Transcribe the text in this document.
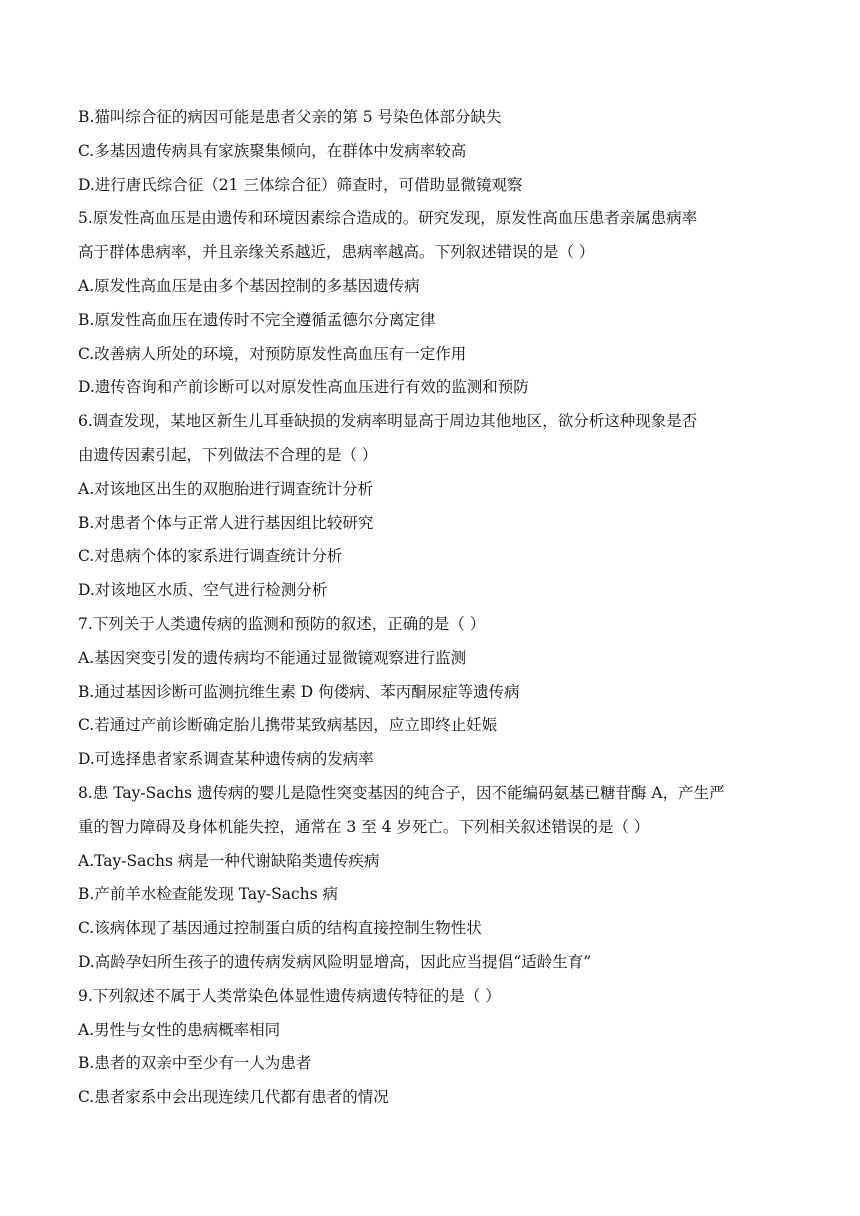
B.猫叫综合征的病因可能是患者父亲的第 5 号染色体部分缺失
C.多基因遗传病具有家族聚集倾向，在群体中发病率较高
D.进行唐氏综合征（21 三体综合征）筛查时，可借助显微镜观察
5.原发性高血压是由遗传和环境因素综合造成的。研究发现，原发性高血压患者亲属患病率
高于群体患病率，并且亲缘关系越近，患病率越高。下列叙述错误的是（ ）
A.原发性高血压是由多个基因控制的多基因遗传病
B.原发性高血压在遗传时不完全遵循孟德尔分离定律
C.改善病人所处的环境，对预防原发性高血压有一定作用
D.遗传咨询和产前诊断可以对原发性高血压进行有效的监测和预防
6.调查发现，某地区新生儿耳垂缺损的发病率明显高于周边其他地区，欲分析这种现象是否
由遗传因素引起，下列做法不合理的是（ ）
A.对该地区出生的双胞胎进行调查统计分析
B.对患者个体与正常人进行基因组比较研究
C.对患病个体的家系进行调查统计分析
D.对该地区水质、空气进行检测分析
7.下列关于人类遗传病的监测和预防的叙述，正确的是（ ）
A.基因突变引发的遗传病均不能通过显微镜观察进行监测
B.通过基因诊断可监测抗维生素 D 佝偻病、苯丙酮尿症等遗传病
C.若通过产前诊断确定胎儿携带某致病基因，应立即终止妊娠
D.可选择患者家系调查某种遗传病的发病率
8.患 Tay-Sachs 遗传病的婴儿是隐性突变基因的纯合子，因不能编码氨基已糖苷酶 A，产生严
重的智力障碍及身体机能失控，通常在 3 至 4 岁死亡。下列相关叙述错误的是（ ）
A.Tay-Sachs 病是一种代谢缺陷类遗传疾病
B.产前羊水检查能发现 Tay-Sachs 病
C.该病体现了基因通过控制蛋白质的结构直接控制生物性状
D.高龄孕妇所生孩子的遗传病发病风险明显增高，因此应当提倡“适龄生育”
9.下列叙述不属于人类常染色体显性遗传病遗传特征的是（ ）
A.男性与女性的患病概率相同
B.患者的双亲中至少有一人为患者
C.患者家系中会出现连续几代都有患者的情况
